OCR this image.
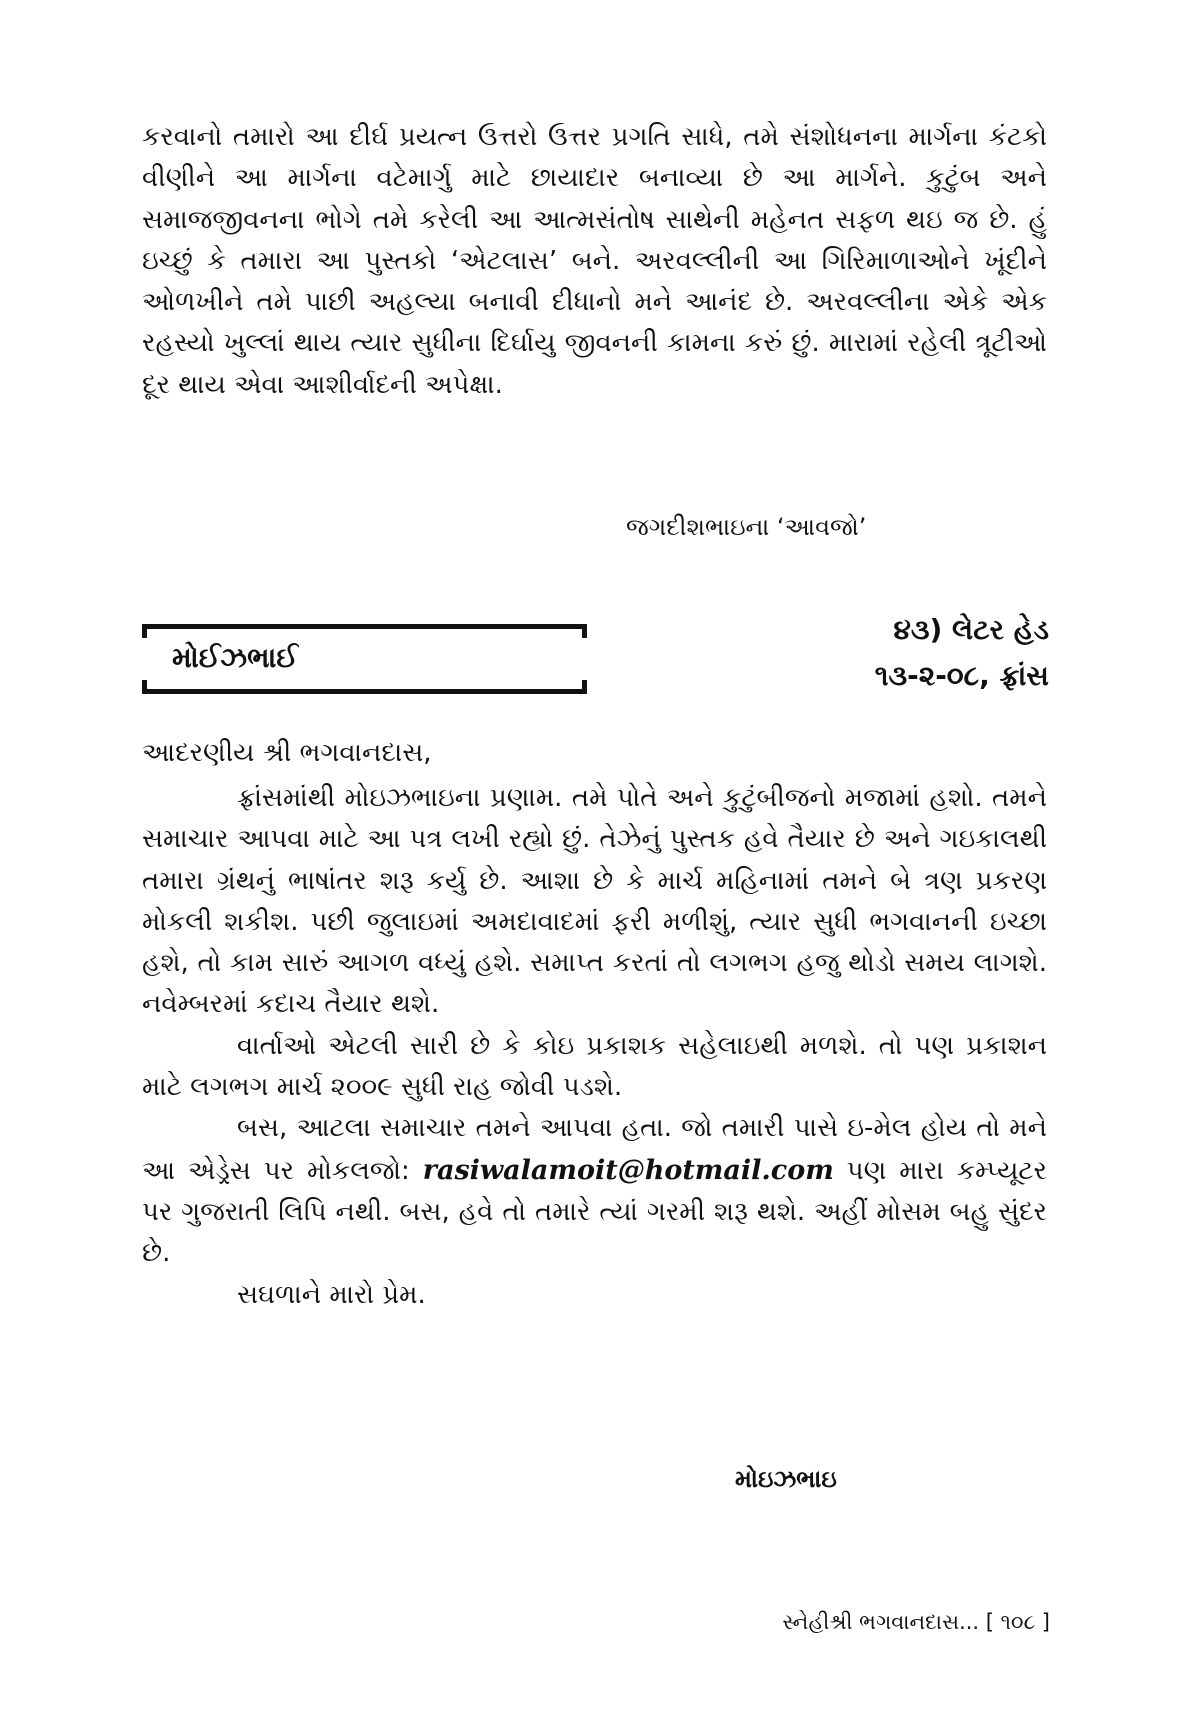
કરવાનો તમારો આ દીર્ઘ પ્રયત્ન ઉત્તરો ઉત્તર પ્રગતિ સાધે, તમે સંશોધનના માર્ગના કંટકો વીણીને આ માર્ગના વટેમાર્ગુ માટે છાયાદાર બનાવ્યા છે આ માર્ગને. કુટુંબ અને સમાજજીવનના ભોગે તમે કરેલી આ આત્મસંતોષ સાથેની મહેનત સફળ થઇ જ છે. હું ઇચ્છું કે તમારા આ પુસ્તકો ‘એટલાસ’ બને. અરવલ્લીની આ ગિરિમાળાઓને ખૂંદીને ઓળખીને તમે પાછી અહલ્યા બનાવી દીધાનો મને આનંદ છે. અરવલ્લીના એકે એક રહસ્યો ખુલ્લાં થાય ત્યાર સુધીના દિર્ઘાયુ જીવનની કામના કરું છું. મારામાં રહેલી ત્રૂટીઓ દૂર થાય એવા આશીર્વાદની અપેક્ષા.

જગદીશભાઇના ‘આવજો’

મોઈઝભાઈ
૪૩) લેટર હેડ
૧૩-૨-૦૮, ફ્રાંસ
આદરણીય શ્રી ભગવાનદાસ,
ફ્રાંસમાંથી મોઇઝભાઇના પ્રણામ. તમે પોતે અને કુટુંબીજનો મજામાં હશો. તમને સમાચાર આપવા માટે આ પત્ર લખી રહ્યો છું. તેઝેનું પુસ્તક હવે તૈયાર છે અને ગઇકાલથી તમારા ગ્રંથનું ભાષાંતર શરૂ કર્યુ છે. આશા છે કે માર્ચ મહિનામાં તમને બે ત્રણ પ્રકરણ મોકલી શકીશ. પછી જુલાઇમાં અમદાવાદમાં ફરી મળીશું, ત્યાર સુધી ભગવાનની ઇચ્છા હશે, તો કામ સારું આગળ વધ્યું હશે. સમાપ્ત કરતાં તો લગભગ હજુ થોડો સમય લાગશે. નવેમ્બરમાં કદાચ તૈયાર થશે.
વાર્તાઓ એટલી સારી છે કે કોઇ પ્રકાશક સહેલાઇથી મળશે. તો પણ પ્રકાશન માટે લગભગ માર્ચ ૨૦૦૯ સુધી રાહ જોવી પડશે.
બસ, આટલા સમાચાર તમને આપવા હતા. જો તમારી પાસે ઇ-મેલ હોય તો મને આ એડ્રેસ પર મોકલજો: rasiwalamoit@hotmail.com પણ મારા કમ્પ્યૂટર પર ગુજરાતી લિપિ નથી. બસ, હવે તો તમારે ત્યાં ગરમી શરૂ થશે. અહીં મોસમ બહુ સુંદર છે.
સઘળાને મારો પ્રેમ.
મોઇઝભાઇ
સ્નેહીશ્રી ભગવાનદાસ... [ ૧૦૮ ]
